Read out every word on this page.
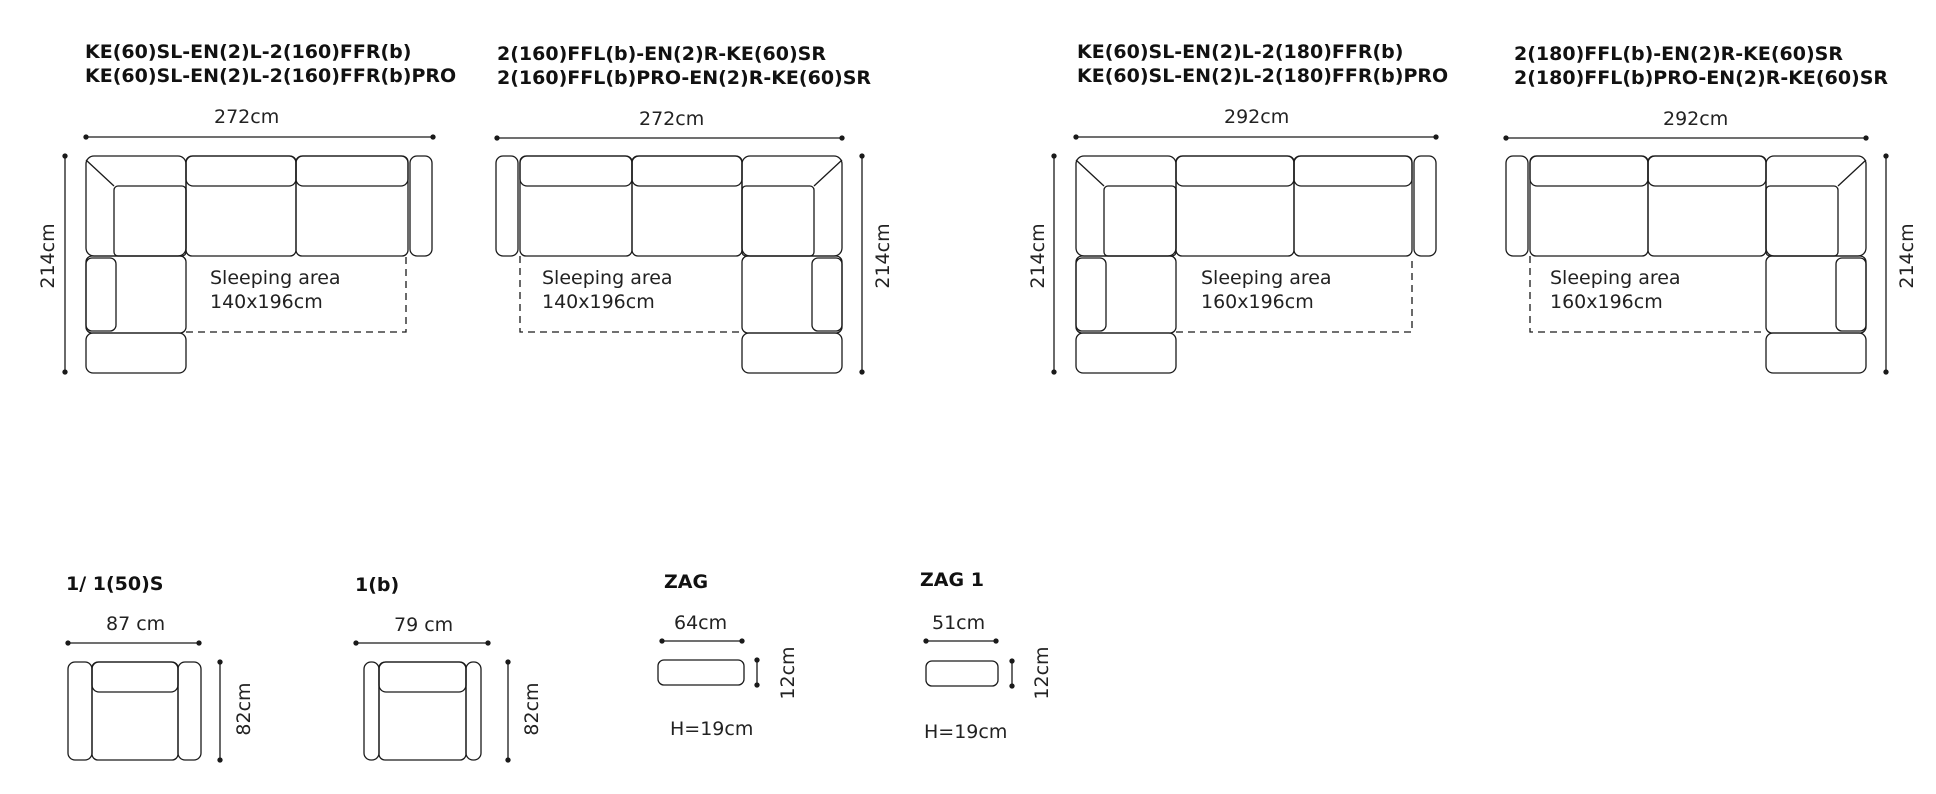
KE(60)SL-EN(2)L-2(160)FFR(b)
KE(60)SL-EN(2)L-2(160)FFR(b)PRO
272cm
214cm	Sleeping area
140x196cm
2(160)FFL(b)-EN(2)R-KE(60)SR
2(160)FFL(b)PRO-EN(2)R-KE(60)SR
272cm
214cm
Sleeping area
140x196cm
KE(60)SL-EN(2)L-2(180)FFR(b)
KE(60)SL-EN(2)L-2(180)FFR(b)PRO
292cm
214cm	Sleeping area
160x196cm
2(180)FFL(b)-EN(2)R-KE(60)SR
2(180)FFL(b)PRO-EN(2)R-KE(60)SR
292cm
214cm
Sleeping area
160x196cm
1/ 1(50)S
87 cm
82cm
1(b)
79 cm
82cm
ZAG
64cm
12cm
H=19cm
ZAG 1
51cm
12cm
H=19cm
